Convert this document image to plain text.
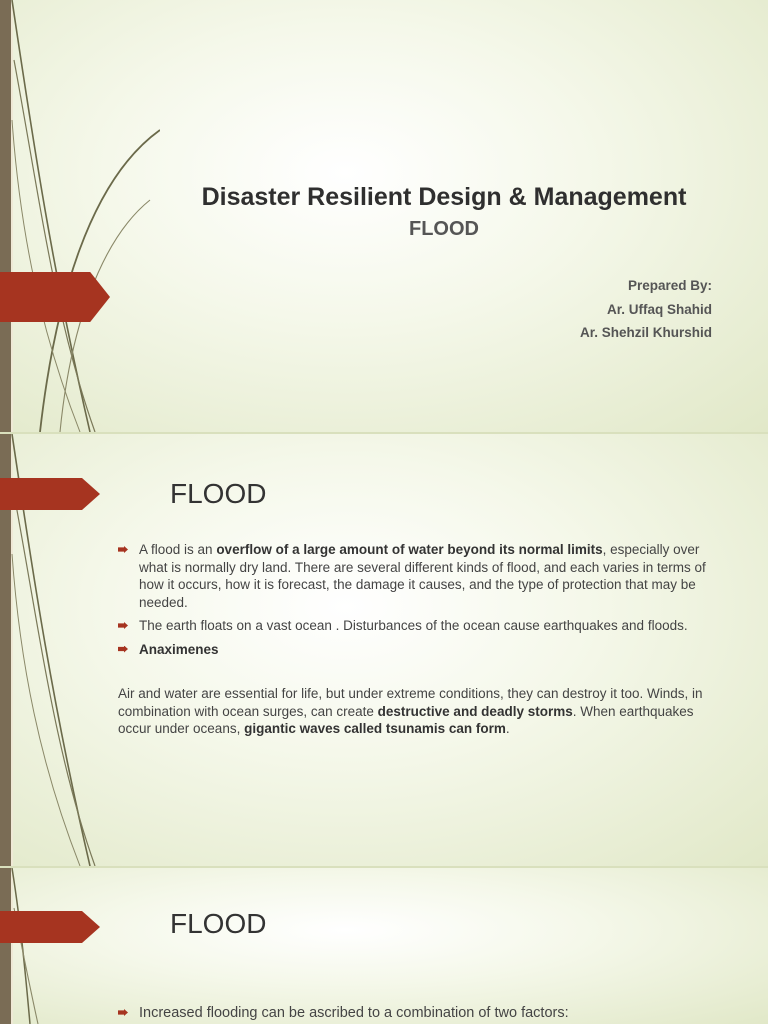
Disaster Resilient Design & Management
FLOOD
Prepared By:
Ar. Uffaq Shahid
Ar. Shehzil Khurshid
FLOOD
A flood is an overflow of a large amount of water beyond its normal limits, especially over what is normally dry land. There are several different kinds of flood, and each varies in terms of how it occurs, how it is forecast, the damage it causes, and the type of protection that may be needed.
The earth floats on a vast ocean . Disturbances of the ocean cause earthquakes and floods.
Anaximenes

Air and water are essential for life, but under extreme conditions, they can destroy it too. Winds, in combination with ocean surges, can create destructive and deadly storms. When earthquakes occur under oceans, gigantic waves called tsunamis can form.

FLOOD
Increased flooding can be ascribed to a combination of two factors:
